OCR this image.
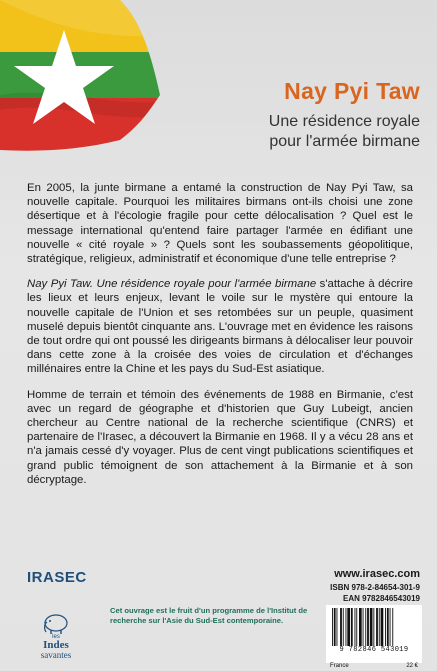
Nay Pyi Taw
Une résidence royale
pour l'armée birmane

En 2005, la junte birmane a entamé la construction de Nay Pyi Taw, sa nouvelle capitale. Pourquoi les militaires birmans ont-ils choisi une zone désertique et à l'écologie fragile pour cette délocalisation ? Quel est le message international qu'entend faire partager l'armée en édifiant une nouvelle « cité royale » ? Quels sont les soubassements géopolitique, stratégique, religieux, administratif et économique d'une telle entreprise ?

Nay Pyi Taw. Une résidence royale pour l'armée birmane s'attache à décrire les lieux et leurs enjeux, levant le voile sur le mystère qui entoure la nouvelle capitale de l'Union et ses retombées sur un peuple, quasiment muselé depuis bientôt cinquante ans. L'ouvrage met en évidence les raisons de tout ordre qui ont poussé les dirigeants birmans à délocaliser leur pouvoir dans cette zone à la croisée des voies de circulation et d'échanges millénaires entre la Chine et les pays du Sud-Est asiatique.

Homme de terrain et témoin des événements de 1988 en Birmanie, c'est avec un regard de géographe et d'historien que Guy Lubeigt, ancien chercheur au Centre national de la recherche scientifique (CNRS) et partenaire de l'Irasec, a découvert la Birmanie en 1968. Il y a vécu 28 ans et n'a jamais cessé d'y voyager. Plus de cent vingt publications scientifiques et grand public témoignent de son attachement à la Birmanie et à son décryptage.

IRASEC
Cet ouvrage est le fruit d'un programme de l'Institut de recherche sur l'Asie du Sud-Est contemporaine.
les
Indes
savantes
www.irasec.com
ISBN 978-2-84654-301-9
EAN 9782846543019
9 782846 543019
France	22 €
